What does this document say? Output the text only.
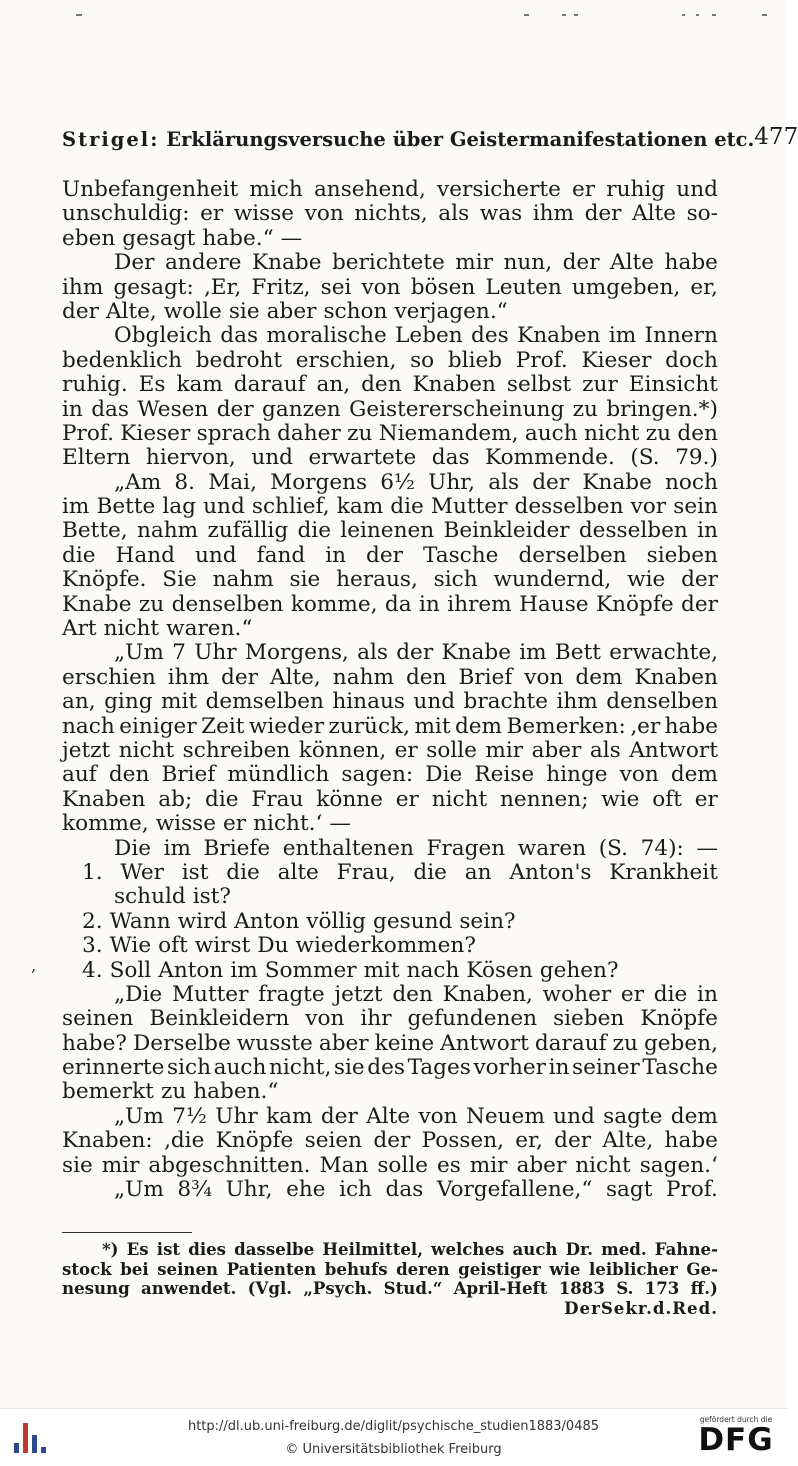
Strigel: Erklärungsversuche über Geistermanifestationen etc. 477
Unbefangenheit mich ansehend, versicherte er ruhig und
unschuldig: er wisse von nichts, als was ihm der Alte so-
eben gesagt habe.“ —
Der andere Knabe berichtete mir nun, der Alte habe
ihm gesagt: ‚Er, Fritz, sei von bösen Leuten umgeben, er,
der Alte, wolle sie aber schon verjagen.“
Obgleich das moralische Leben des Knaben im Innern
bedenklich bedroht erschien, so blieb Prof. Kieser doch
ruhig. Es kam darauf an, den Knaben selbst zur Einsicht
in das Wesen der ganzen Geistererscheinung zu bringen.*)
Prof. Kieser sprach daher zu Niemandem, auch nicht zu den
Eltern hiervon, und erwartete das Kommende. (S. 79.)
„Am 8. Mai, Morgens 6½ Uhr, als der Knabe noch
im Bette lag und schlief, kam die Mutter desselben vor sein
Bette, nahm zufällig die leinenen Beinkleider desselben in
die Hand und fand in der Tasche derselben sieben
Knöpfe. Sie nahm sie heraus, sich wundernd, wie der
Knabe zu denselben komme, da in ihrem Hause Knöpfe der
Art nicht waren.“
„Um 7 Uhr Morgens, als der Knabe im Bett erwachte,
erschien ihm der Alte, nahm den Brief von dem Knaben
an, ging mit demselben hinaus und brachte ihm denselben
nach einiger Zeit wieder zurück, mit dem Bemerken: ‚er habe
jetzt nicht schreiben können, er solle mir aber als Antwort
auf den Brief mündlich sagen: Die Reise hinge von dem
Knaben ab; die Frau könne er nicht nennen; wie oft er
komme, wisse er nicht.‘ —
Die im Briefe enthaltenen Fragen waren (S. 74): —
1. Wer ist die alte Frau, die an Anton's Krankheit
schuld ist?
2. Wann wird Anton völlig gesund sein?
3. Wie oft wirst Du wiederkommen?
4. Soll Anton im Sommer mit nach Kösen gehen?
„Die Mutter fragte jetzt den Knaben, woher er die in
seinen Beinkleidern von ihr gefundenen sieben Knöpfe
habe? Derselbe wusste aber keine Antwort darauf zu geben,
erinnerte sich auch nicht, sie des Tages vorher in seiner Tasche
bemerkt zu haben.“
„Um 7½ Uhr kam der Alte von Neuem und sagte dem
Knaben: ‚die Knöpfe seien der Possen, er, der Alte, habe
sie mir abgeschnitten. Man solle es mir aber nicht sagen.‘
„Um 8¾ Uhr, ehe ich das Vorgefallene,“ sagt Prof.
‚
*) Es ist dies dasselbe Heilmittel, welches auch Dr. med. Fahne-
stock bei seinen Patienten behufs deren geistiger wie leiblicher Ge-
nesung anwendet. (Vgl. „Psych. Stud.“ April-Heft 1883 S. 173 ff.)
Der Sekr. d. Red.
http://dl.ub.uni-freiburg.de/diglit/psychische_studien1883/0485
© Universitätsbibliothek Freiburg
gefördert durch die
DFG
